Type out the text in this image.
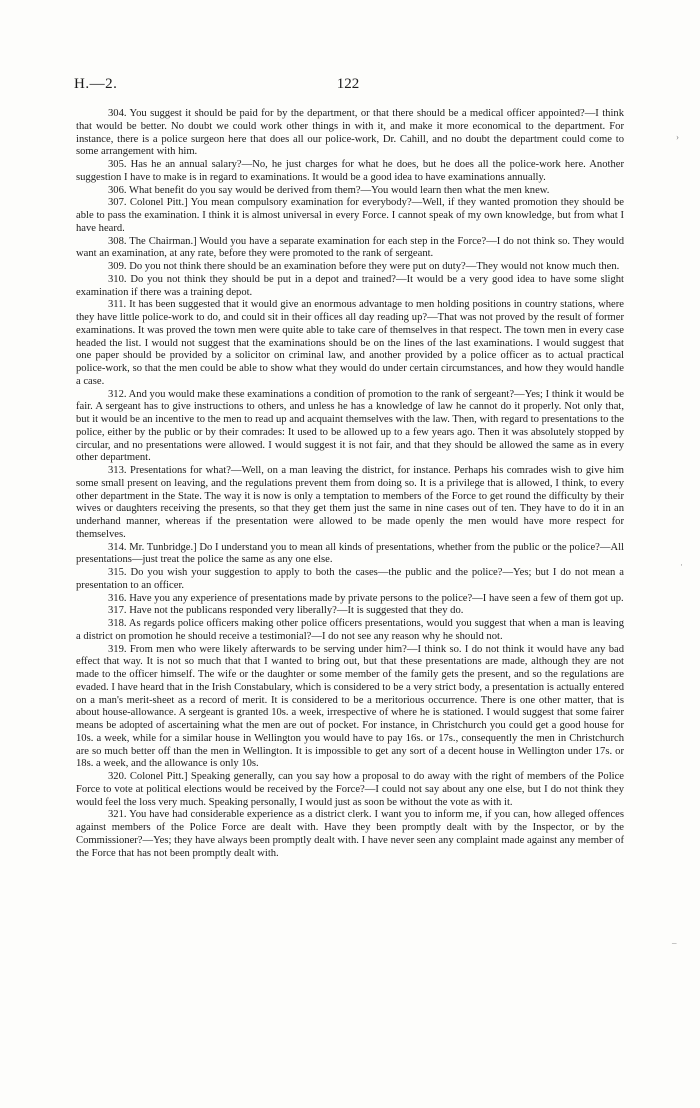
H.—2.	122

304. You suggest it should be paid for by the department, or that there should be a medical officer appointed?—I think that would be better. No doubt we could work other things in with it, and make it more economical to the department. For instance, there is a police surgeon here that does all our police-work, Dr. Cahill, and no doubt the department could come to some arrangement with him.

305. Has he an annual salary?—No, he just charges for what he does, but he does all the police-work here. Another suggestion I have to make is in regard to examinations. It would be a good idea to have examinations annually.

306. What benefit do you say would be derived from them?—You would learn then what the men knew.

307. Colonel Pitt.] You mean compulsory examination for everybody?—Well, if they wanted promotion they should be able to pass the examination. I think it is almost universal in every Force. I cannot speak of my own knowledge, but from what I have heard.

308. The Chairman.] Would you have a separate examination for each step in the Force?—I do not think so. They would want an examination, at any rate, before they were promoted to the rank of sergeant.

309. Do you not think there should be an examination before they were put on duty?—They would not know much then.

310. Do you not think they should be put in a depot and trained?—It would be a very good idea to have some slight examination if there was a training depot.

311. It has been suggested that it would give an enormous advantage to men holding positions in country stations, where they have little police-work to do, and could sit in their offices all day reading up?—That was not proved by the result of former examinations. It was proved the town men were quite able to take care of themselves in that respect. The town men in every case headed the list. I would not suggest that the examinations should be on the lines of the last examinations. I would suggest that one paper should be provided by a solicitor on criminal law, and another provided by a police officer as to actual practical police-work, so that the men could be able to show what they would do under certain circumstances, and how they would handle a case.

312. And you would make these examinations a condition of promotion to the rank of sergeant?—Yes; I think it would be fair. A sergeant has to give instructions to others, and unless he has a knowledge of law he cannot do it properly. Not only that, but it would be an incentive to the men to read up and acquaint themselves with the law. Then, with regard to presentations to the police, either by the public or by their comrades: It used to be allowed up to a few years ago. Then it was absolutely stopped by circular, and no presentations were allowed. I would suggest it is not fair, and that they should be allowed the same as in every other department.

313. Presentations for what?—Well, on a man leaving the district, for instance. Perhaps his comrades wish to give him some small present on leaving, and the regulations prevent them from doing so. It is a privilege that is allowed, I think, to every other department in the State. The way it is now is only a temptation to members of the Force to get round the difficulty by their wives or daughters receiving the presents, so that they get them just the same in nine cases out of ten. They have to do it in an underhand manner, whereas if the presentation were allowed to be made openly the men would have more respect for themselves.

314. Mr. Tunbridge.] Do I understand you to mean all kinds of presentations, whether from the public or the police?—All presentations—just treat the police the same as any one else.

315. Do you wish your suggestion to apply to both the cases—the public and the police?—Yes; but I do not mean a presentation to an officer.

316. Have you any experience of presentations made by private persons to the police?—I have seen a few of them got up.

317. Have not the publicans responded very liberally?—It is suggested that they do.

318. As regards police officers making other police officers presentations, would you suggest that when a man is leaving a district on promotion he should receive a testimonial?—I do not see any reason why he should not.

319. From men who were likely afterwards to be serving under him?—I think so. I do not think it would have any bad effect that way. It is not so much that that I wanted to bring out, but that these presentations are made, although they are not made to the officer himself. The wife or the daughter or some member of the family gets the present, and so the regulations are evaded. I have heard that in the Irish Constabulary, which is considered to be a very strict body, a presentation is actually entered on a man's merit-sheet as a record of merit. It is considered to be a meritorious occurrence. There is one other matter, that is about house-allowance. A sergeant is granted 10s. a week, irrespective of where he is stationed. I would suggest that some fairer means be adopted of ascertaining what the men are out of pocket. For instance, in Christchurch you could get a good house for 10s. a week, while for a similar house in Wellington you would have to pay 16s. or 17s., consequently the men in Christchurch are so much better off than the men in Wellington. It is impossible to get any sort of a decent house in Wellington under 17s. or 18s. a week, and the allowance is only 10s.

320. Colonel Pitt.] Speaking generally, can you say how a proposal to do away with the right of members of the Police Force to vote at political elections would be received by the Force?—I could not say about any one else, but I do not think they would feel the loss very much. Speaking personally, I would just as soon be without the vote as with it.

321. You have had considerable experience as a district clerk. I want you to inform me, if you can, how alleged offences against members of the Police Force are dealt with. Have they been promptly dealt with by the Inspector, or by the Commissioner?—Yes; they have always been promptly dealt with. I have never seen any complaint made against any member of the Force that has not been promptly dealt with.

›
·
–
